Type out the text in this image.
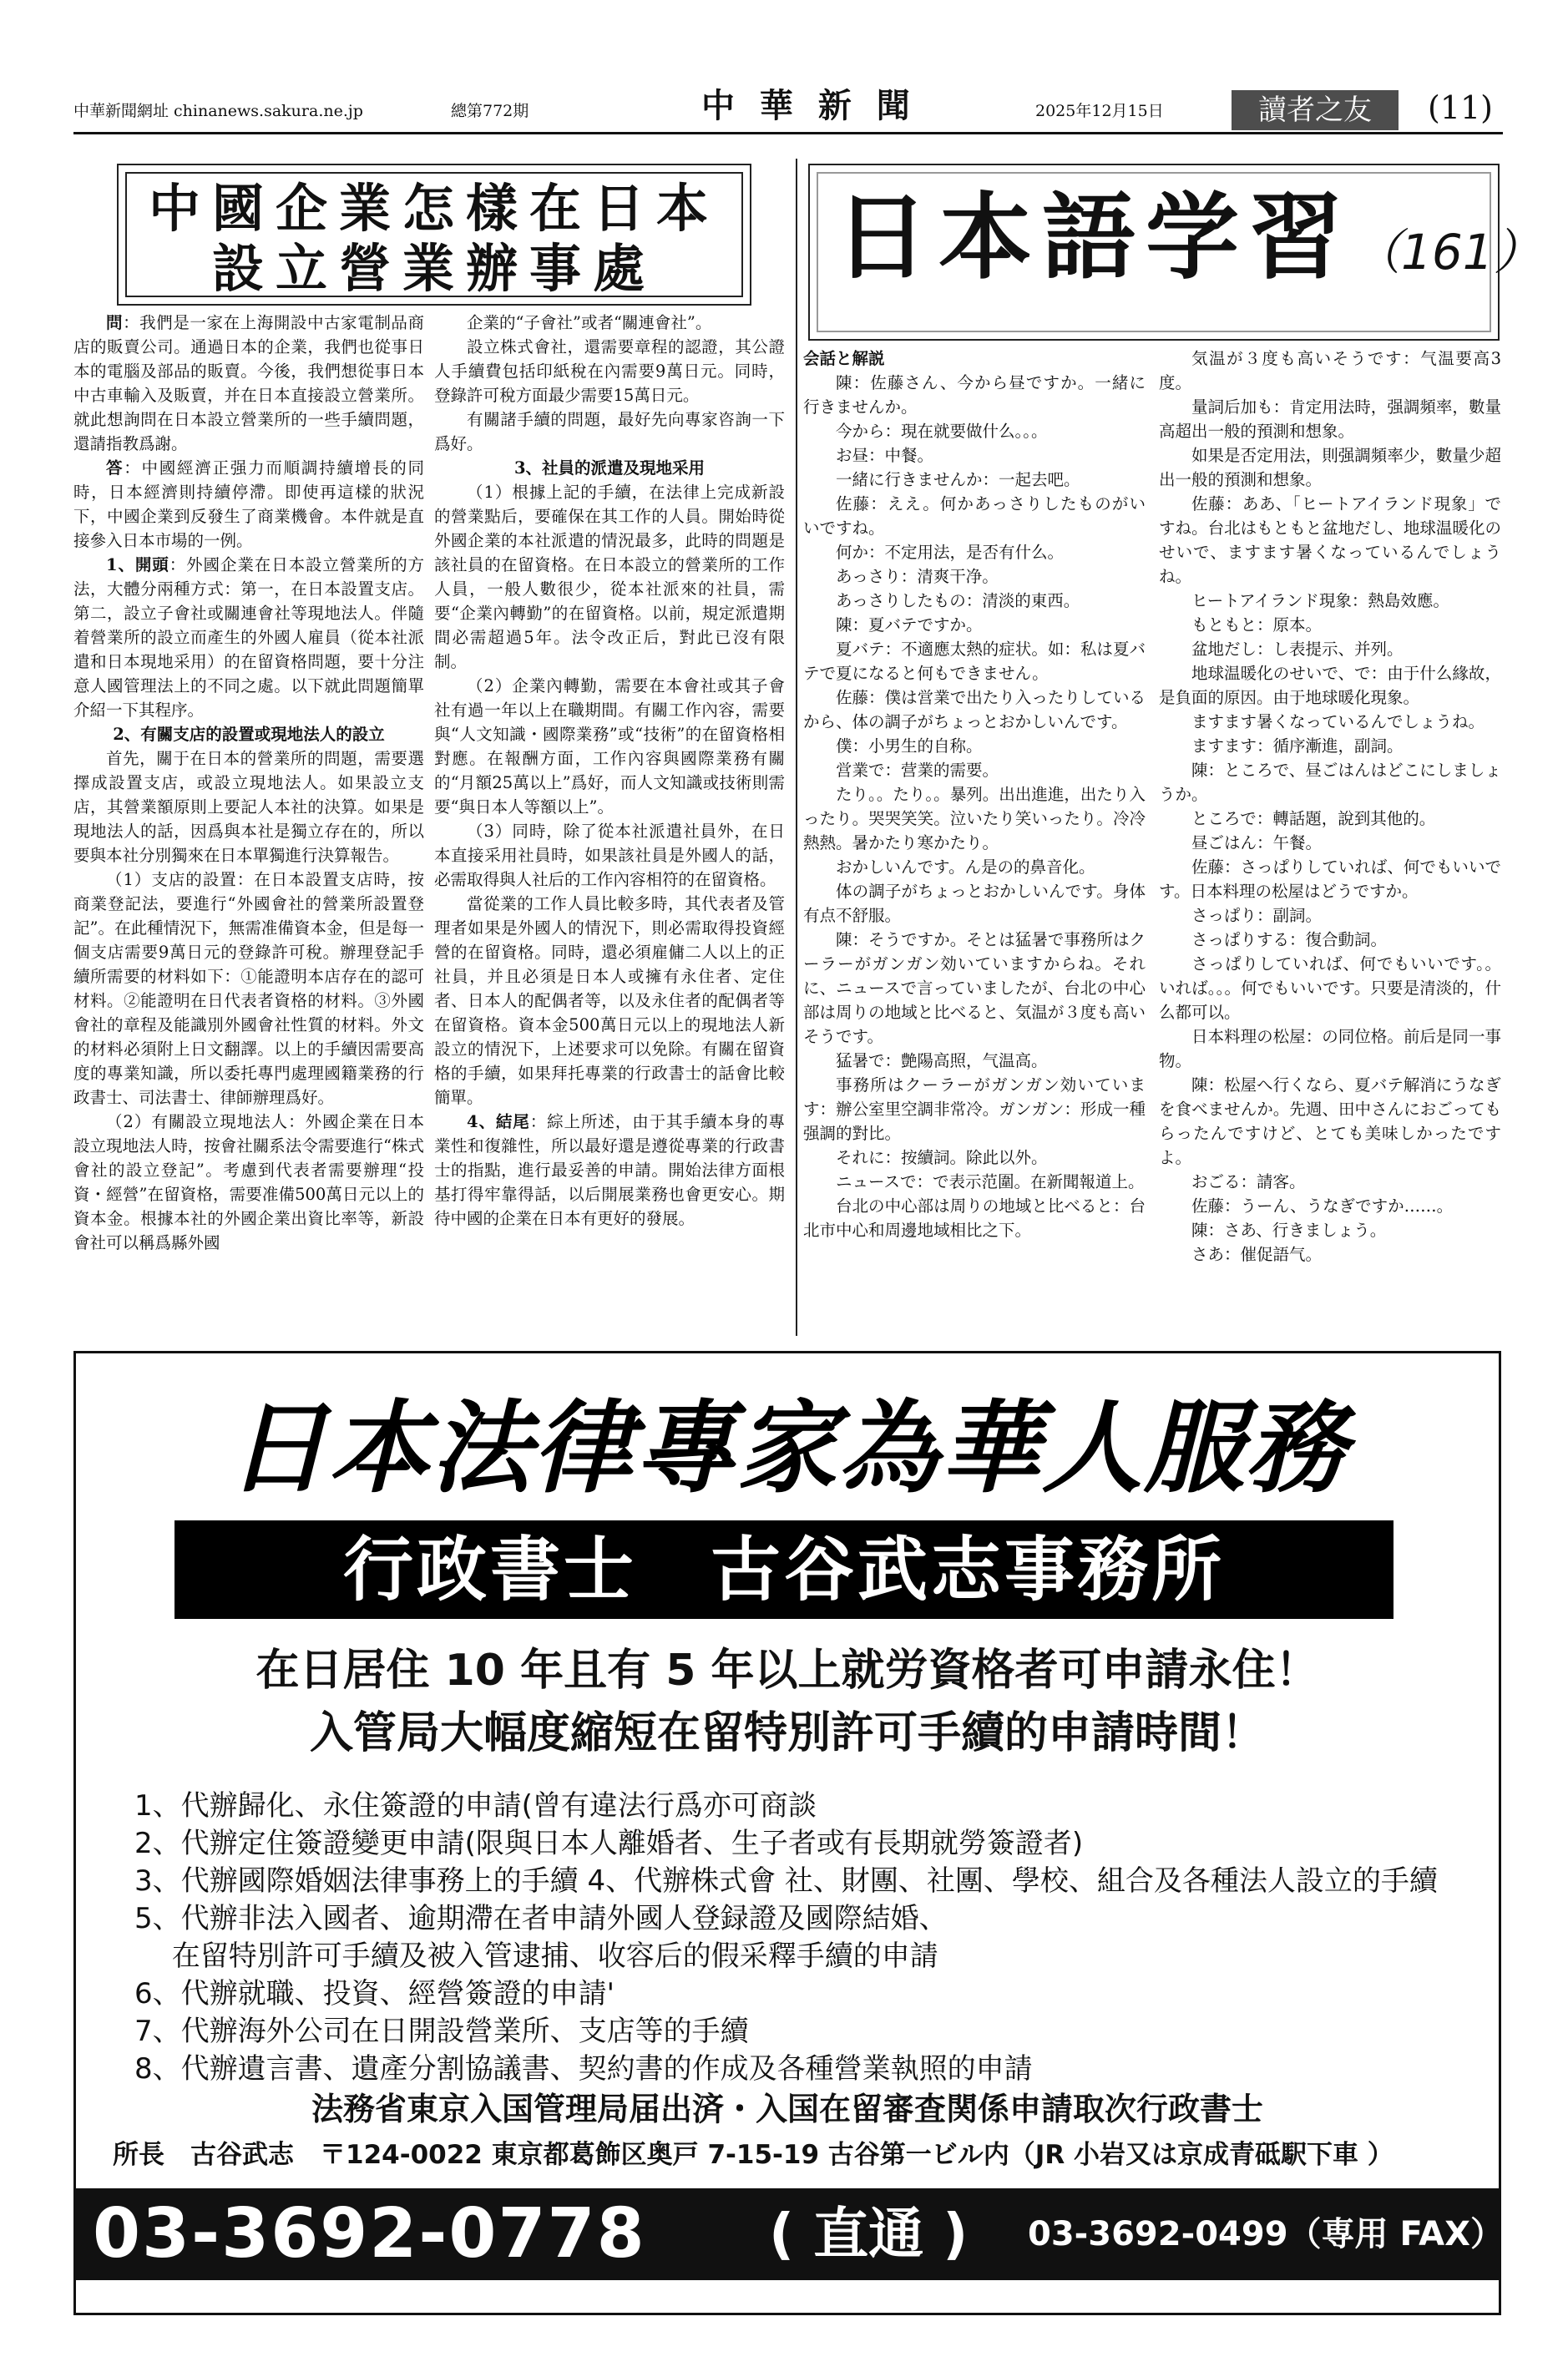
中華新聞網址 chinanews.sakura.ne.jp	總第772期	中 華 新 聞	2025年12月15日	讀者之友	(11)
中國企業怎樣在日本
設立營業辦事處	日本語学習 （161）

問：我們是一家在上海開設中古家電制品商店的販賣公司。通過日本的企業，我們也從事日本的電腦及部品的販賣。今後，我們想從事日本中古車輸入及販賣，并在日本直接設立營業所。就此想詢問在日本設立營業所的一些手續問題，還請指教爲謝。

答：中國經濟正强力而順調持續增長的同時，日本經濟則持續停滯。即使再這樣的狀況下，中國企業到反發生了商業機會。本件就是直接參入日本市場的一例。

1、開頭：外國企業在日本設立營業所的方法，大體分兩種方式：第一，在日本設置支店。第二，設立子會社或關連會社等現地法人。伴隨着營業所的設立而產生的外國人雇員（從本社派遣和日本現地采用）的在留資格問題，要十分注意人國管理法上的不同之處。以下就此問題簡單介紹一下其程序。

2、有關支店的設置或現地法人的設立

首先，關于在日本的營業所的問題，需要選擇成設置支店，或設立現地法人。如果設立支店，其營業額原則上要記人本社的決算。如果是現地法人的話，因爲與本社是獨立存在的，所以要與本社分別獨來在日本單獨進行決算報告。

（1）支店的設置：在日本設置支店時，按商業登記法，要進行“外國會社的營業所設置登記”。在此種情況下，無需准備資本金，但是每一個支店需要9萬日元的登錄許可稅。辦理登記手續所需要的材料如下：①能證明本店存在的認可材料。②能證明在日代表者資格的材料。③外國會社的章程及能識別外國會社性質的材料。外文的材料必須附上日文翻譯。以上的手續因需要高度的專業知識，所以委托專門處理國籍業務的行政書士、司法書士、律師辦理爲好。

（2）有關設立現地法人：外國企業在日本設立現地法人時，按會社關系法令需要進行“株式會社的設立登記”。考慮到代表者需要辦理“投資・經營”在留資格，需要准備500萬日元以上的資本金。根據本社的外國企業出資比率等，新設會社可以稱爲縣外國

企業的“子會社”或者“關連會社”。

設立株式會社，還需要章程的認證，其公證人手續費包括印紙稅在內需要9萬日元。同時，登錄許可稅方面最少需要15萬日元。

有關諸手續的問題，最好先向專家咨詢一下爲好。

3、社員的派遣及現地采用

（1）根據上記的手續，在法律上完成新設的營業點后，要確保在其工作的人員。開始時從外國企業的本社派遣的情況最多，此時的問題是該社員的在留資格。在日本設立的營業所的工作人員，一般人數很少，從本社派來的社員，需要“企業內轉勤”的在留資格。以前，規定派遣期間必需超過5年。法令改正后，對此已沒有限制。

（2）企業內轉勤，需要在本會社或其子會社有過一年以上在職期間。有關工作內容，需要與“人文知識・國際業務”或“技術”的在留資格相對應。在報酬方面，工作內容與國際業務有關的“月額25萬以上”爲好，而人文知識或技術則需要“與日本人等額以上”。

（3）同時，除了從本社派遣社員外，在日本直接采用社員時，如果該社員是外國人的話，必需取得與人社后的工作內容相符的在留資格。

當從業的工作人員比較多時，其代表者及管理者如果是外國人的情況下，則必需取得投資經營的在留資格。同時，還必須雇傭二人以上的正社員，并且必須是日本人或擁有永住者、定住者、日本人的配偶者等，以及永住者的配偶者等在留資格。資本金500萬日元以上的現地法人新設立的情況下，上述要求可以免除。有關在留資格的手續，如果拜托專業的行政書士的話會比較簡單。

4、結尾：綜上所述，由于其手續本身的專業性和復雜性，所以最好還是遵從專業的行政書士的指點，進行最妥善的申請。開始法律方面根基打得牢靠得話，以后開展業務也會更安心。期待中國的企業在日本有更好的發展。

会話と解説

陳：佐藤さん、今から昼ですか。一緒に行きませんか。

今から：現在就要做什么。。。

お昼：中餐。

一緒に行きませんか：一起去吧。

佐藤：ええ。何かあっさりしたものがいいですね。

何か：不定用法，是否有什么。

あっさり：清爽干净。

あっさりしたもの：清淡的東西。

陳：夏バテですか。

夏バテ：不適應太熱的症状。如：私は夏バテで夏になると何もできません。

佐藤：僕は営業で出たり入ったりしているから、体の調子がちょっとおかしいんです。

僕：小男生的自称。

営業で：营業的需要。

たり。。たり。。暴列。出出進進，出たり入ったり。哭哭笑笑。泣いたり笑いったり。冷冷熱熱。暑かたり寒かたり。

おかしいんです。ん是の的鼻音化。

体の調子がちょっとおかしいんです。身体有点不舒服。

陳：そうですか。そとは猛暑で事務所はクーラーがガンガン効いていますからね。それに、ニュースで言っていましたが、台北の中心部は周りの地域と比べると、気温が３度も高いそうです。

猛暑で：艶陽高照，气温高。

事務所はクーラーがガンガン効いています：辦公室里空調非常冷。ガンガン：形成一種强調的對比。

それに：按續詞。除此以外。

ニュースで：で表示范圍。在新聞報道上。

台北の中心部は周りの地域と比べると：台北市中心和周邊地域相比之下。

気温が３度も高いそうです：气温要高3度。

量詞后加も：肯定用法時，强調頻率，數量高超出一般的預測和想象。

如果是否定用法，則强調頻率少，數量少超出一般的預測和想象。

佐藤：ああ、「ヒートアイランド現象」ですね。台北はもともと盆地だし、地球温暖化のせいで、ますます暑くなっているんでしょうね。

ヒートアイランド現象：熱島效應。

もともと：原本。

盆地だし：し表提示、并列。

地球温暖化のせいで、で：由于什么緣故，是負面的原因。由于地球暖化現象。

ますます暑くなっているんでしょうね。

ますます：循序漸進，副詞。

陳：ところで、昼ごはんはどこにしましょうか。

ところで：轉話題，說到其他的。

昼ごはん：午餐。

佐藤：さっぱりしていれば、何でもいいです。日本料理の松屋はどうですか。

さっぱり：副詞。

さっぱりする：復合動詞。

さっぱりしていれば、何でもいいです。。いれば。。。何でもいいです。只要是清淡的，什么都可以。

日本料理の松屋：の同位格。前后是同一事物。

陳：松屋へ行くなら、夏バテ解消にうなぎを食べませんか。先週、田中さんにおごってもらったんですけど、とても美味しかったですよ。

おごる：請客。

佐藤：うーん、うなぎですか……。

陳：さあ、行きましょう。

さあ：催促語气。

日本法律專家為華人服務
行政書士　古谷武志事務所
在日居住 10 年且有 5 年以上就労資格者可申請永住！
入管局大幅度縮短在留特別許可手續的申請時間！
1、代辦歸化、永住簽證的申請(曾有違法行爲亦可商談
2、代辦定住簽證變更申請(限與日本人離婚者、生子者或有長期就勞簽證者)
3、代辦國際婚姻法律事務上的手續 4、代辦株式會 社、財團、社團、學校、組合及各種法人設立的手續
5、代辦非法入國者、逾期滯在者申請外國人登録證及國際結婚、
　 在留特別許可手續及被入管逮捕、收容后的假采釋手續的申請
6、代辦就職、投資、經營簽證的申請'
7、代辦海外公司在日開設營業所、支店等的手續
8、代辦遺言書、遺產分割協議書、契約書的作成及各種營業執照的申請
法務省東京入国管理局届出済・入国在留審査関係申請取次行政書士
所長　古谷武志　〒124-0022 東京都葛飾区奥戸 7-15-19 古谷第一ビル内（JR 小岩又は京成青砥駅下車 ）
03-3692-0778 ( 直通 ) 03-3692-0499（専用 FAX）
